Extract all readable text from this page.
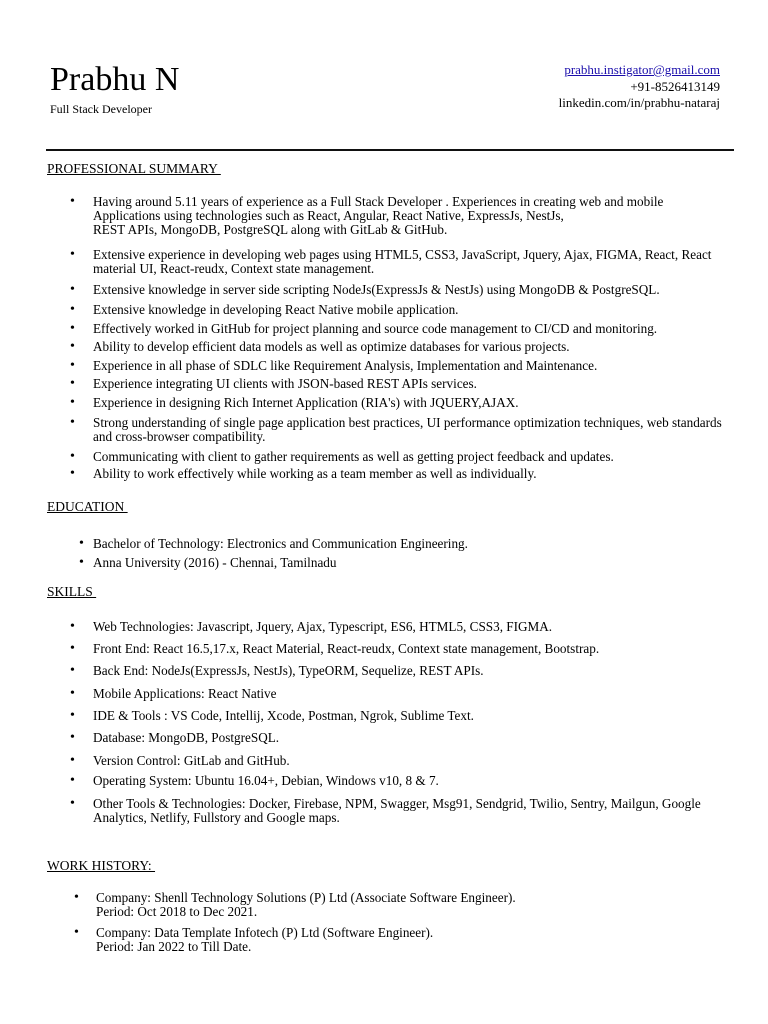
Prabhu N
Full Stack Developer
prabhu.instigator@gmail.com
+91-8526413149
linkedin.com/in/prabhu-nataraj
PROFESSIONAL SUMMARY
• Having around 5.11 years of experience as a Full Stack Developer . Experiences in creating web and mobile Applications using technologies such as React, Angular, React Native, ExpressJs, NestJs,
REST APIs, MongoDB, PostgreSQL along with GitLab & GitHub.
• Extensive experience in developing web pages using HTML5, CSS3, JavaScript, Jquery, Ajax, FIGMA, React, React material UI, React-reudx, Context state management.
• Extensive knowledge in server side scripting NodeJs(ExpressJs & NestJs) using MongoDB & PostgreSQL.
• Extensive knowledge in developing React Native mobile application.
• Effectively worked in GitHub for project planning and source code management to CI/CD and monitoring.
• Ability to develop efficient data models as well as optimize databases for various projects.
• Experience in all phase of SDLC like Requirement Analysis, Implementation and Maintenance.
• Experience integrating UI clients with JSON-based REST APIs services.
• Experience in designing Rich Internet Application (RIA's) with JQUERY,AJAX.
• Strong understanding of single page application best practices, UI performance optimization techniques, web standards and cross-browser compatibility.
• Communicating with client to gather requirements as well as getting project feedback and updates.
• Ability to work effectively while working as a team member as well as individually.
EDUCATION
• Bachelor of Technology: Electronics and Communication Engineering.
• Anna University (2016) - Chennai, Tamilnadu
SKILLS
• Web Technologies: Javascript, Jquery, Ajax, Typescript, ES6, HTML5, CSS3, FIGMA.
• Front End: React 16.5,17.x, React Material, React-reudx, Context state management, Bootstrap.
• Back End: NodeJs(ExpressJs, NestJs), TypeORM, Sequelize, REST APIs.
• Mobile Applications: React Native
• IDE & Tools : VS Code, Intellij, Xcode, Postman, Ngrok, Sublime Text.
• Database: MongoDB, PostgreSQL.
• Version Control: GitLab and GitHub.
• Operating System: Ubuntu 16.04+, Debian, Windows v10, 8 & 7.
• Other Tools & Technologies: Docker, Firebase, NPM, Swagger, Msg91, Sendgrid, Twilio, Sentry, Mailgun, Google Analytics, Netlify, Fullstory and Google maps.
WORK HISTORY:
• Company: Shenll Technology Solutions (P) Ltd (Associate Software Engineer).
Period: Oct 2018 to Dec 2021.
• Company: Data Template Infotech (P) Ltd (Software Engineer).
Period: Jan 2022 to Till Date.
